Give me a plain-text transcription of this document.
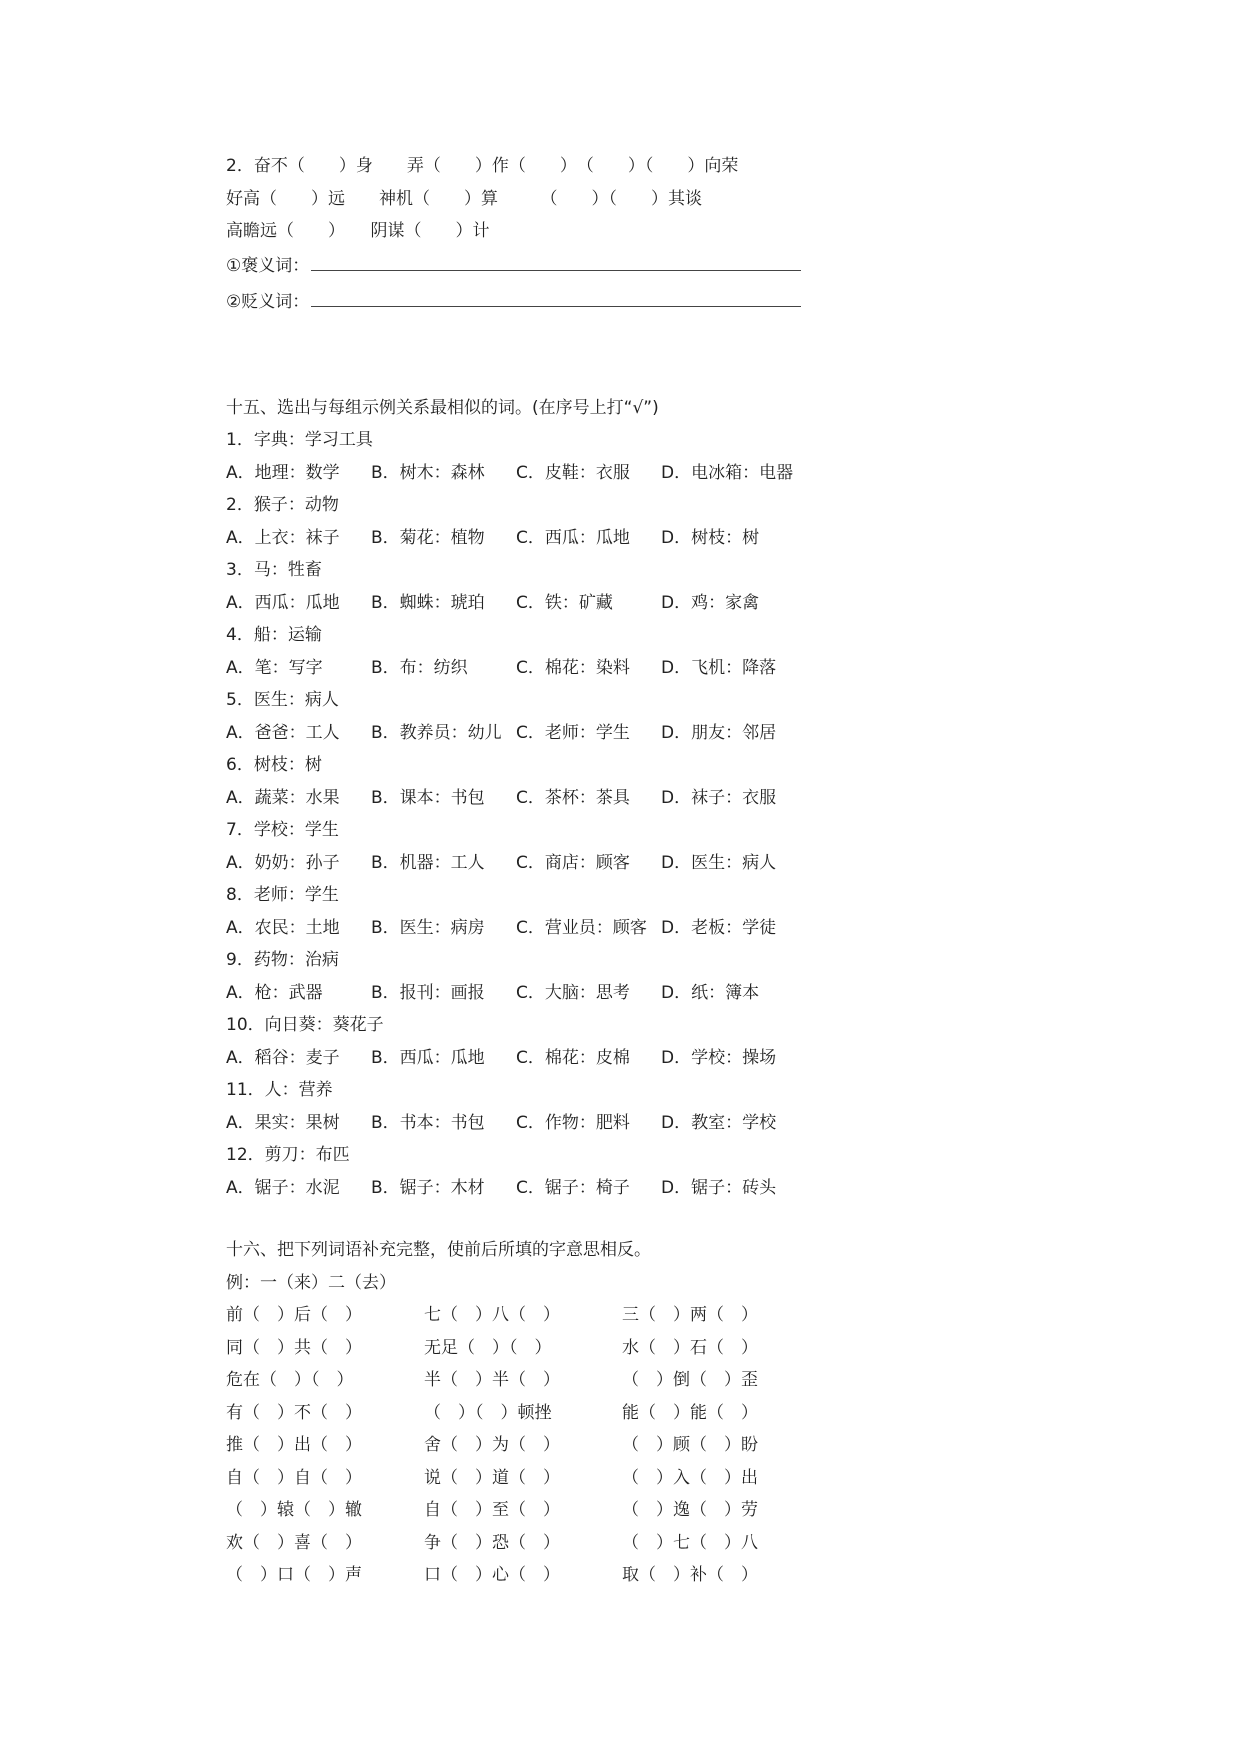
2．奋不（　　）身　　弄（　　）作（　　）　（　　）（　　）向荣
好高（　　）远　　神机（　　）算　　　（　　）（　　）其谈
高瞻远（　　）　　阴谋（　　）计
①褒义词：
②贬义词：
十五、选出与每组示例关系最相似的词。(在序号上打“√”)
1．字典：学习工具
A．地理：数学	B．树木：森林	C．皮鞋：衣服	D．电冰箱：电器
2．猴子：动物
A．上衣：袜子	B．菊花：植物	C．西瓜：瓜地	D．树枝：树
3．马：牲畜
A．西瓜：瓜地	B．蜘蛛：琥珀	C．铁：矿藏	D．鸡：家禽
4．船：运输
A．笔：写字	B．布：纺织	C．棉花：染料	D．飞机：降落
5．医生：病人
A．爸爸：工人	B．教养员：幼儿 C．老师：学生	D．朋友：邻居
6．树枝：树
A．蔬菜：水果	B．课本：书包	C．茶杯：茶具	D．袜子：衣服
7．学校：学生
A．奶奶：孙子	B．机器：工人	C．商店：顾客	D．医生：病人
8．老师：学生
A．农民：土地	B．医生：病房	C．营业员：顾客 D．老板：学徒
9．药物：治病
A．枪：武器	B．报刊：画报	C．大脑：思考	D．纸：簿本
10．向日葵：葵花子
A．稻谷：麦子	B．西瓜：瓜地	C．棉花：皮棉	D．学校：操场
11．人：营养
A．果实：果树	B．书本：书包	C．作物：肥料	D．教室：学校
12．剪刀：布匹
A．锯子：水泥	B．锯子：木材	C．锯子：椅子	D．锯子：砖头
十六、把下列词语补充完整，使前后所填的字意思相反。
例：一（来）二（去）
前（　）后（　）	七（　）八（　）	三（　）两（　）
同（　）共（　）	无足（　）（　）	水（　）石（　）
危在（　）（　）	半（　）半（　）	（　）倒（　）歪
有（　）不（　）	（　）（　）顿挫	能（　）能（　）
推（　）出（　）	舍（　）为（　）	（　）顾（　）盼
自（　）自（　）	说（　）道（　）	（　）入（　）出
（　）辕（　）辙	自（　）至（　）	（　）逸（　）劳
欢（　）喜（　）	争（　）恐（　）	（　）七（　）八
（　）口（　）声	口（　）心（　）	取（　）补（　）
